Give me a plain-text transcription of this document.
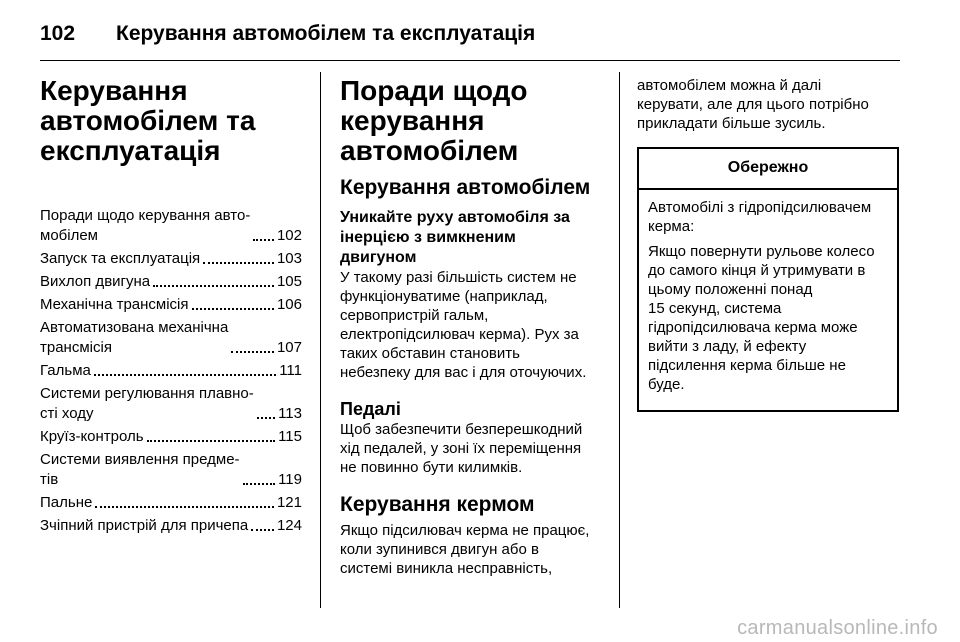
102 Керування автомобілем та експлуатація
Керування
автомобілем та
експлуатація
Поради щодо керування авто-
мобілем	102
Запуск та експлуатація	103
Вихлоп двигуна	105
Механічна трансмісія	106
Автоматизована механічна
трансмісія	107
Гальма	111
Системи регулювання плавно-
сті ходу	113
Круїз-контроль	115
Системи виявлення предме-
тів	119
Пальне	121
Зчіпний пристрій для причепа 124
Поради щодо
керування
автомобілем
Керування автомобілем
Уникайте руху автомобіля за
інерцією з вимкненим
двигуном

У такому разі більшість систем не
функціонуватиме (наприклад,
сервопристрій гальм,
електропідсилювач керма). Рух за
таких обставин становить
небезпеку для вас і для оточуючих.

Педалі

Щоб забезпечити безперешкодний
хід педалей, у зоні їх переміщення
не повинно бути килимків.

Керування кермом

Якщо підсилювач керма не працює,
коли зупинився двигун або в
системі виникла несправність,

автомобілем можна й далі
керувати, але для цього потрібно
прикладати більше зусиль.

Обережно

Автомобілі з гідропідсилювачем
керма:

Якщо повернути рульове колесо
до самого кінця й утримувати в
цьому положенні понад
15 секунд, система
гідропідсилювача керма може
вийти з ладу, й ефекту
підсилення керма більше не
буде.

carmanualsonline.info
